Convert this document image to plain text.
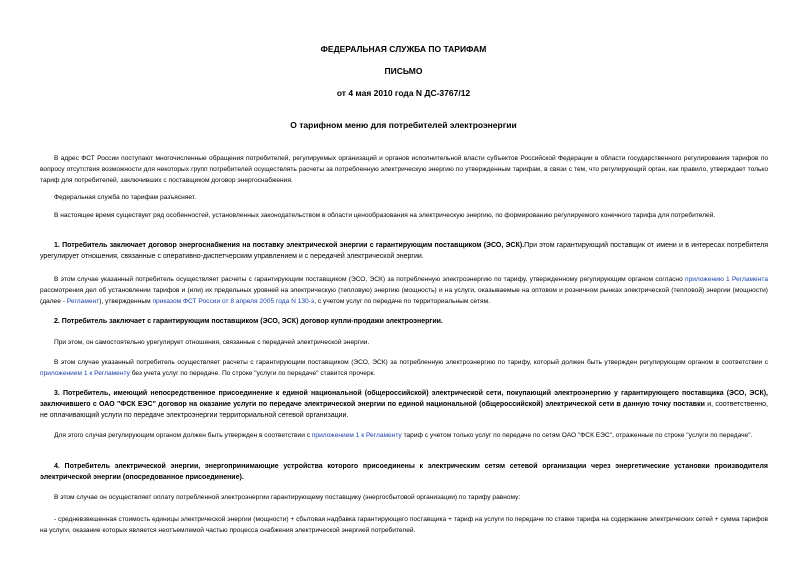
ФЕДЕРАЛЬНАЯ СЛУЖБА ПО ТАРИФАМ
ПИСЬМО
от 4 мая 2010 года N ДС-3767/12
О тарифном меню для потребителей электроэнергии
В адрес ФСТ России поступают многочисленные обращения потребителей, регулируемых организаций и органов исполнительной власти субъектов Российской Федерации в области государственного регулирования тарифов по вопросу отсутствия возможности для некоторых групп потребителей осуществлять расчеты за потребленную электрическую энергию по утвержденным тарифам, в связи с тем, что регулирующий орган, как правило, утверждает только тариф для потребителей, заключивших с поставщиком договор энергоснабжения.
Федеральная служба по тарифам разъясняет.
В настоящее время существует ряд особенностей, установленных законодательством в области ценообразования на электрическую энергию, по формированию регулируемого конечного тарифа для потребителей.
1. Потребитель заключает договор энергоснабжения на поставку электрической энергии с гарантирующим поставщиком (ЭСО, ЭСК).При этом гарантирующий поставщик от имени и в интересах потребителя урегулирует отношения, связанные с оперативно-диспетчерским управлением и с передачей электрической энергии.
В этом случае указанный потребитель осуществляет расчеты с гарантирующим поставщиком (ЭСО, ЭСК) за потребленную электроэнергию по тарифу, утвержденному регулирующим органом согласно приложению 1 Регламента рассмотрения дел об установлении тарифов и (или) их предельных уровней на электрическую (тепловую) энергию (мощность) и на услуги, оказываемые на оптовом и розничном рынках электрической (тепловой) энергии (мощности) (далее - Регламент), утвержденным приказом ФСТ России от 8 апреля 2005 года N 130-э, с учетом услуг по передаче по территориальным сетям.
2. Потребитель заключает с гарантирующим поставщиком (ЭСО, ЭСК) договор купли-продажи электроэнергии.
При этом, он самостоятельно урегулирует отношения, связанные с передачей электрической энергии.
В этом случае указанный потребитель осуществляет расчеты с гарантирующим поставщиком (ЭСО, ЭСК) за потребленную электроэнергию по тарифу, который должен быть утвержден регулирующим органом в соответствии с приложением 1 к Регламенту без учета услуг по передаче. По строке "услуги по передаче" ставится прочерк.
3. Потребитель, имеющий непосредственное присоединение к единой национальной (общероссийской) электрической сети, покупающий электроэнергию у гарантирующего поставщика (ЭСО, ЭСК), заключившего с ОАО "ФСК ЕЭС" договор на оказание услуги по передаче электрической энергии по единой национальной (общероссийской) электрической сети в данную точку поставки и, соответственно, не оплачивающий услуги по передаче электроэнергии территориальной сетевой организации.
Для этого случая регулирующим органом должен быть утвержден в соответствии с приложением 1 к Регламенту тариф с учетом только услуг по передаче по сетям ОАО "ФСК ЕЭС", отраженные по строке "услуги по передаче".
4. Потребитель электрической энергии, энергопринимающие устройства которого присоединены к электрическим сетям сетевой организации через энергетические установки производителя электрической энергии (опосредованное присоединение).
В этом случае он осуществляет оплату потребленной электроэнергии гарантирующему поставщику (энергосбытовой организации) по тарифу равному:
- средневзвешенная стоимость единицы электрической энергии (мощности) + сбытовая надбавка гарантирующего поставщика + тариф на услуги по передаче по ставке тарифа на содержание электрических сетей + сумма тарифов на услуги, оказание которых является неотъемлемой частью процесса снабжения электрической энергией потребителей.
